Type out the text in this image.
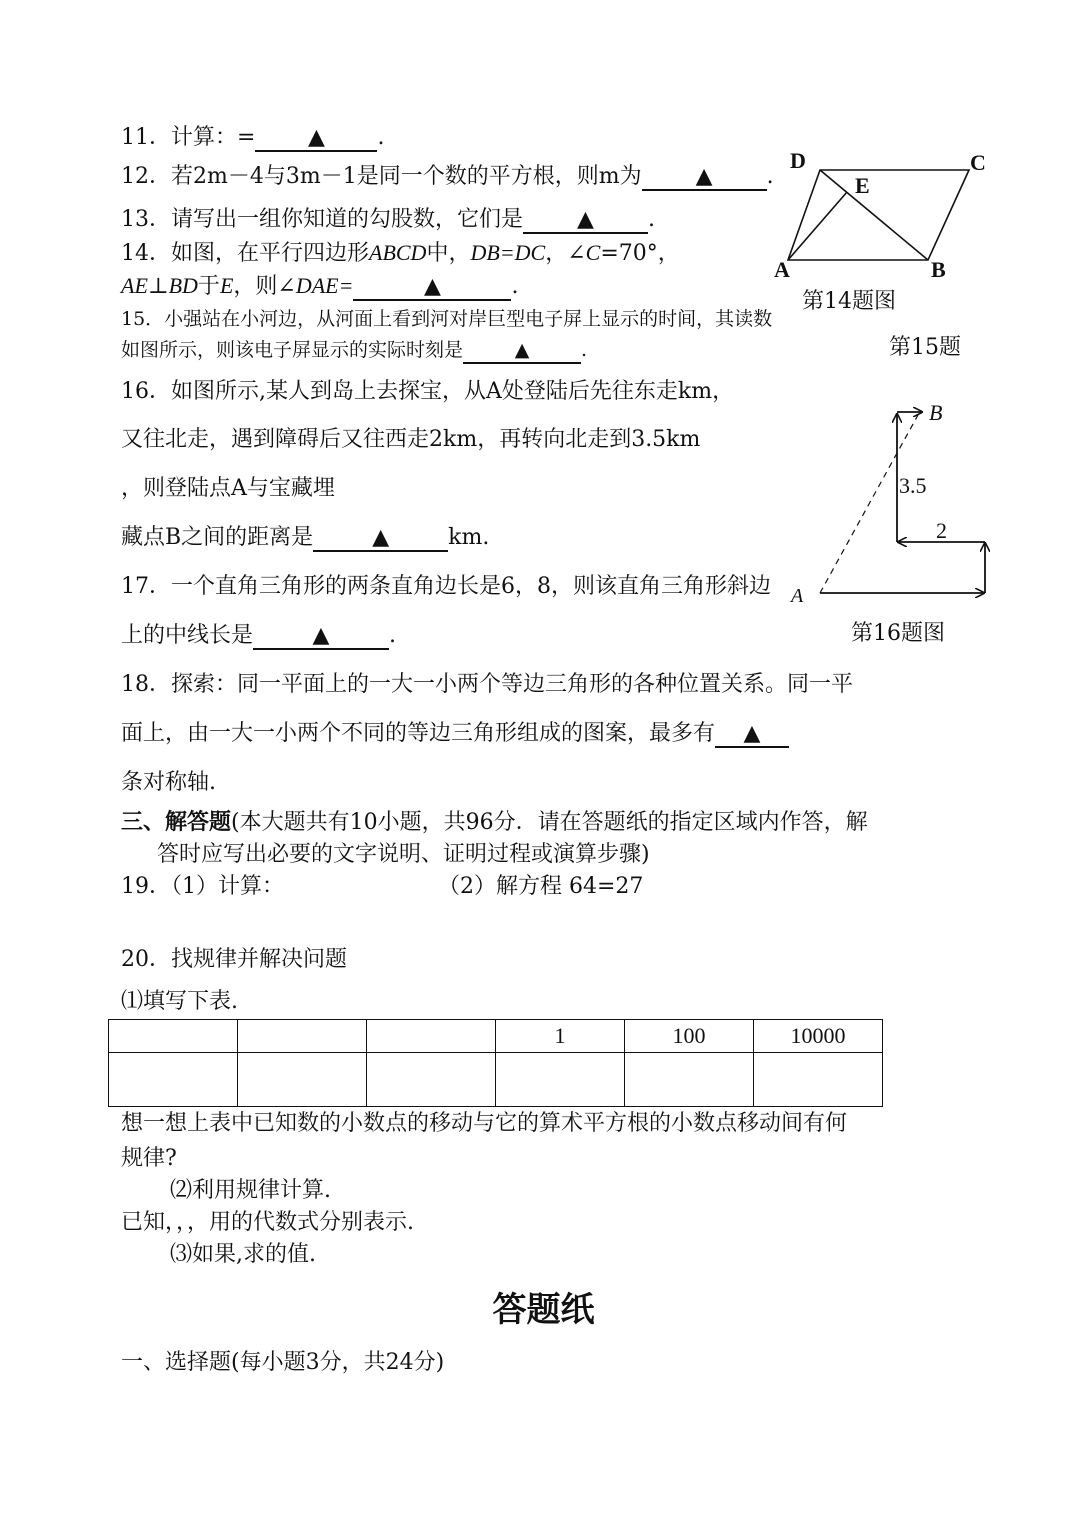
11．计算：= ▲ .
12．若2m－4与3m－1是同一个数的平方根，则m为 ▲ .
13．请写出一组你知道的勾股数，它们是 ▲ .
14．如图，在平行四边形ABCD中，DB=DC，∠C=70°，
AE⊥BD于E，则∠DAE=	▲	.
D	C
E
A	B
第14题图
15．小强站在小河边，从河面上看到河对岸巨型电子屏上显示的时间，其读数
如图所示，则该电子屏显示的实际时刻是	▲	.	第15题
16．如图所示,某人到岛上去探宝，从A处登陆后先往东走km，
又往北走，遇到障碍后又往西走2km，再转向北走到3.5km
，则登陆点A与宝藏埋
藏点B之间的距离是	▲	km.
B
A
3.5
2
17．一个直角三角形的两条直角边长是6，8，则该直角三角形斜边
上的中线长是	▲	.	第16题图
18．探索：同一平面上的一大一小两个等边三角形的各种位置关系。同一平
面上，由一大一小两个不同的等边三角形组成的图案，最多有 ▲
条对称轴.
三、解答题(本大题共有10小题，共96分．请在答题纸的指定区域内作答，解
答时应写出必要的文字说明、证明过程或演算步骤)
19．（1）计算：	（2）解方程 64=27
20．找规律并解决问题
⑴填写下表.
			1	100	10000

想一想上表中已知数的小数点的移动与它的算术平方根的小数点移动间有何
规律?
⑵利用规律计算.
已知，，，用的代数式分别表示.
⑶如果,求的值.
答题纸
一、选择题(每小题3分，共24分)
